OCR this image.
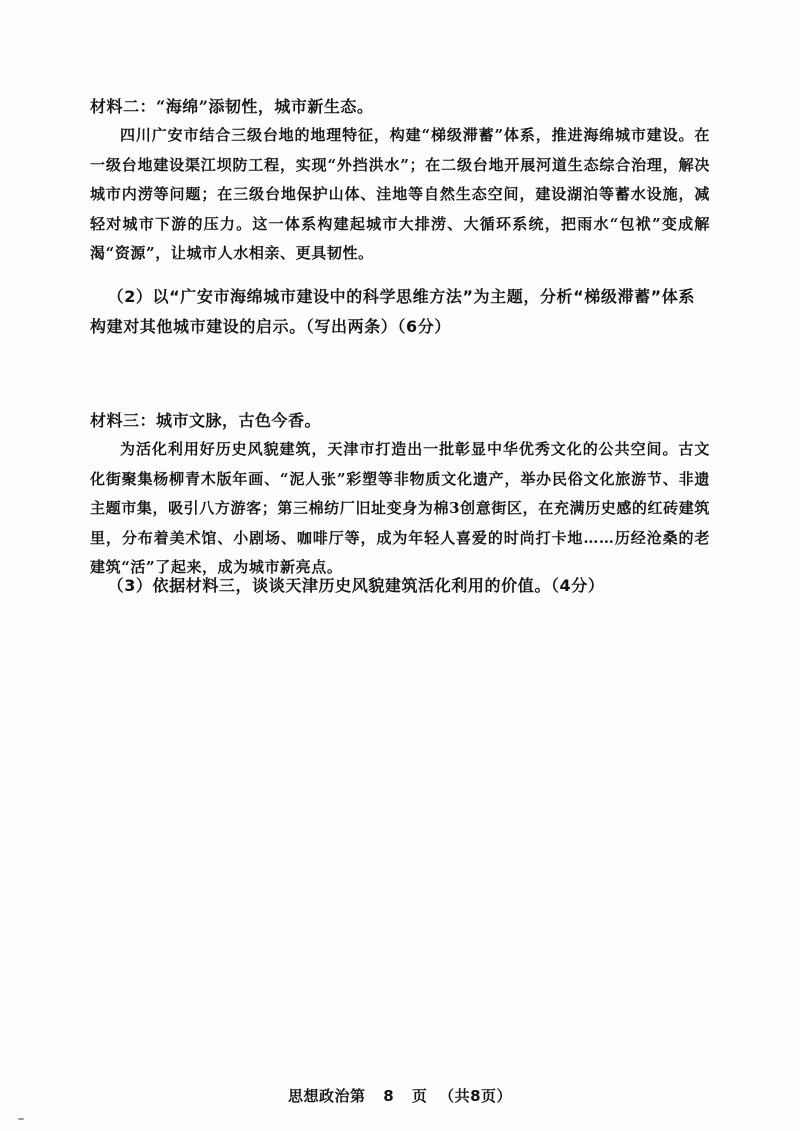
材料二：“海绵”添韧性，城市新生态。

四川广安市结合三级台地的地理特征，构建“梯级滞蓄”体系，推进海绵城市建设。在一级台地建设渠江坝防工程，实现“外挡洪水”；在二级台地开展河道生态综合治理，解决城市内涝等问题；在三级台地保护山体、洼地等自然生态空间，建设湖泊等蓄水设施，减轻对城市下游的压力。这一体系构建起城市大排涝、大循环系统，把雨水“包袱”变成解渴“资源”，让城市人水相亲、更具韧性。

（2）以“广安市海绵城市建设中的科学思维方法”为主题，分析“梯级滞蓄”体系构建对其他城市建设的启示。（写出两条）（6分）

材料三：城市文脉，古色今香。

为活化利用好历史风貌建筑，天津市打造出一批彰显中华优秀文化的公共空间。古文化街聚集杨柳青木版年画、“泥人张”彩塑等非物质文化遗产，举办民俗文化旅游节、非遗主题市集，吸引八方游客；第三棉纺厂旧址变身为棉3创意街区，在充满历史感的红砖建筑里，分布着美术馆、小剧场、咖啡厅等，成为年轻人喜爱的时尚打卡地……历经沧桑的老建筑“活”了起来，成为城市新亮点。

（3）依据材料三，谈谈天津历史风貌建筑活化利用的价值。（4分）

思想政治第 8 页 （共8页）
